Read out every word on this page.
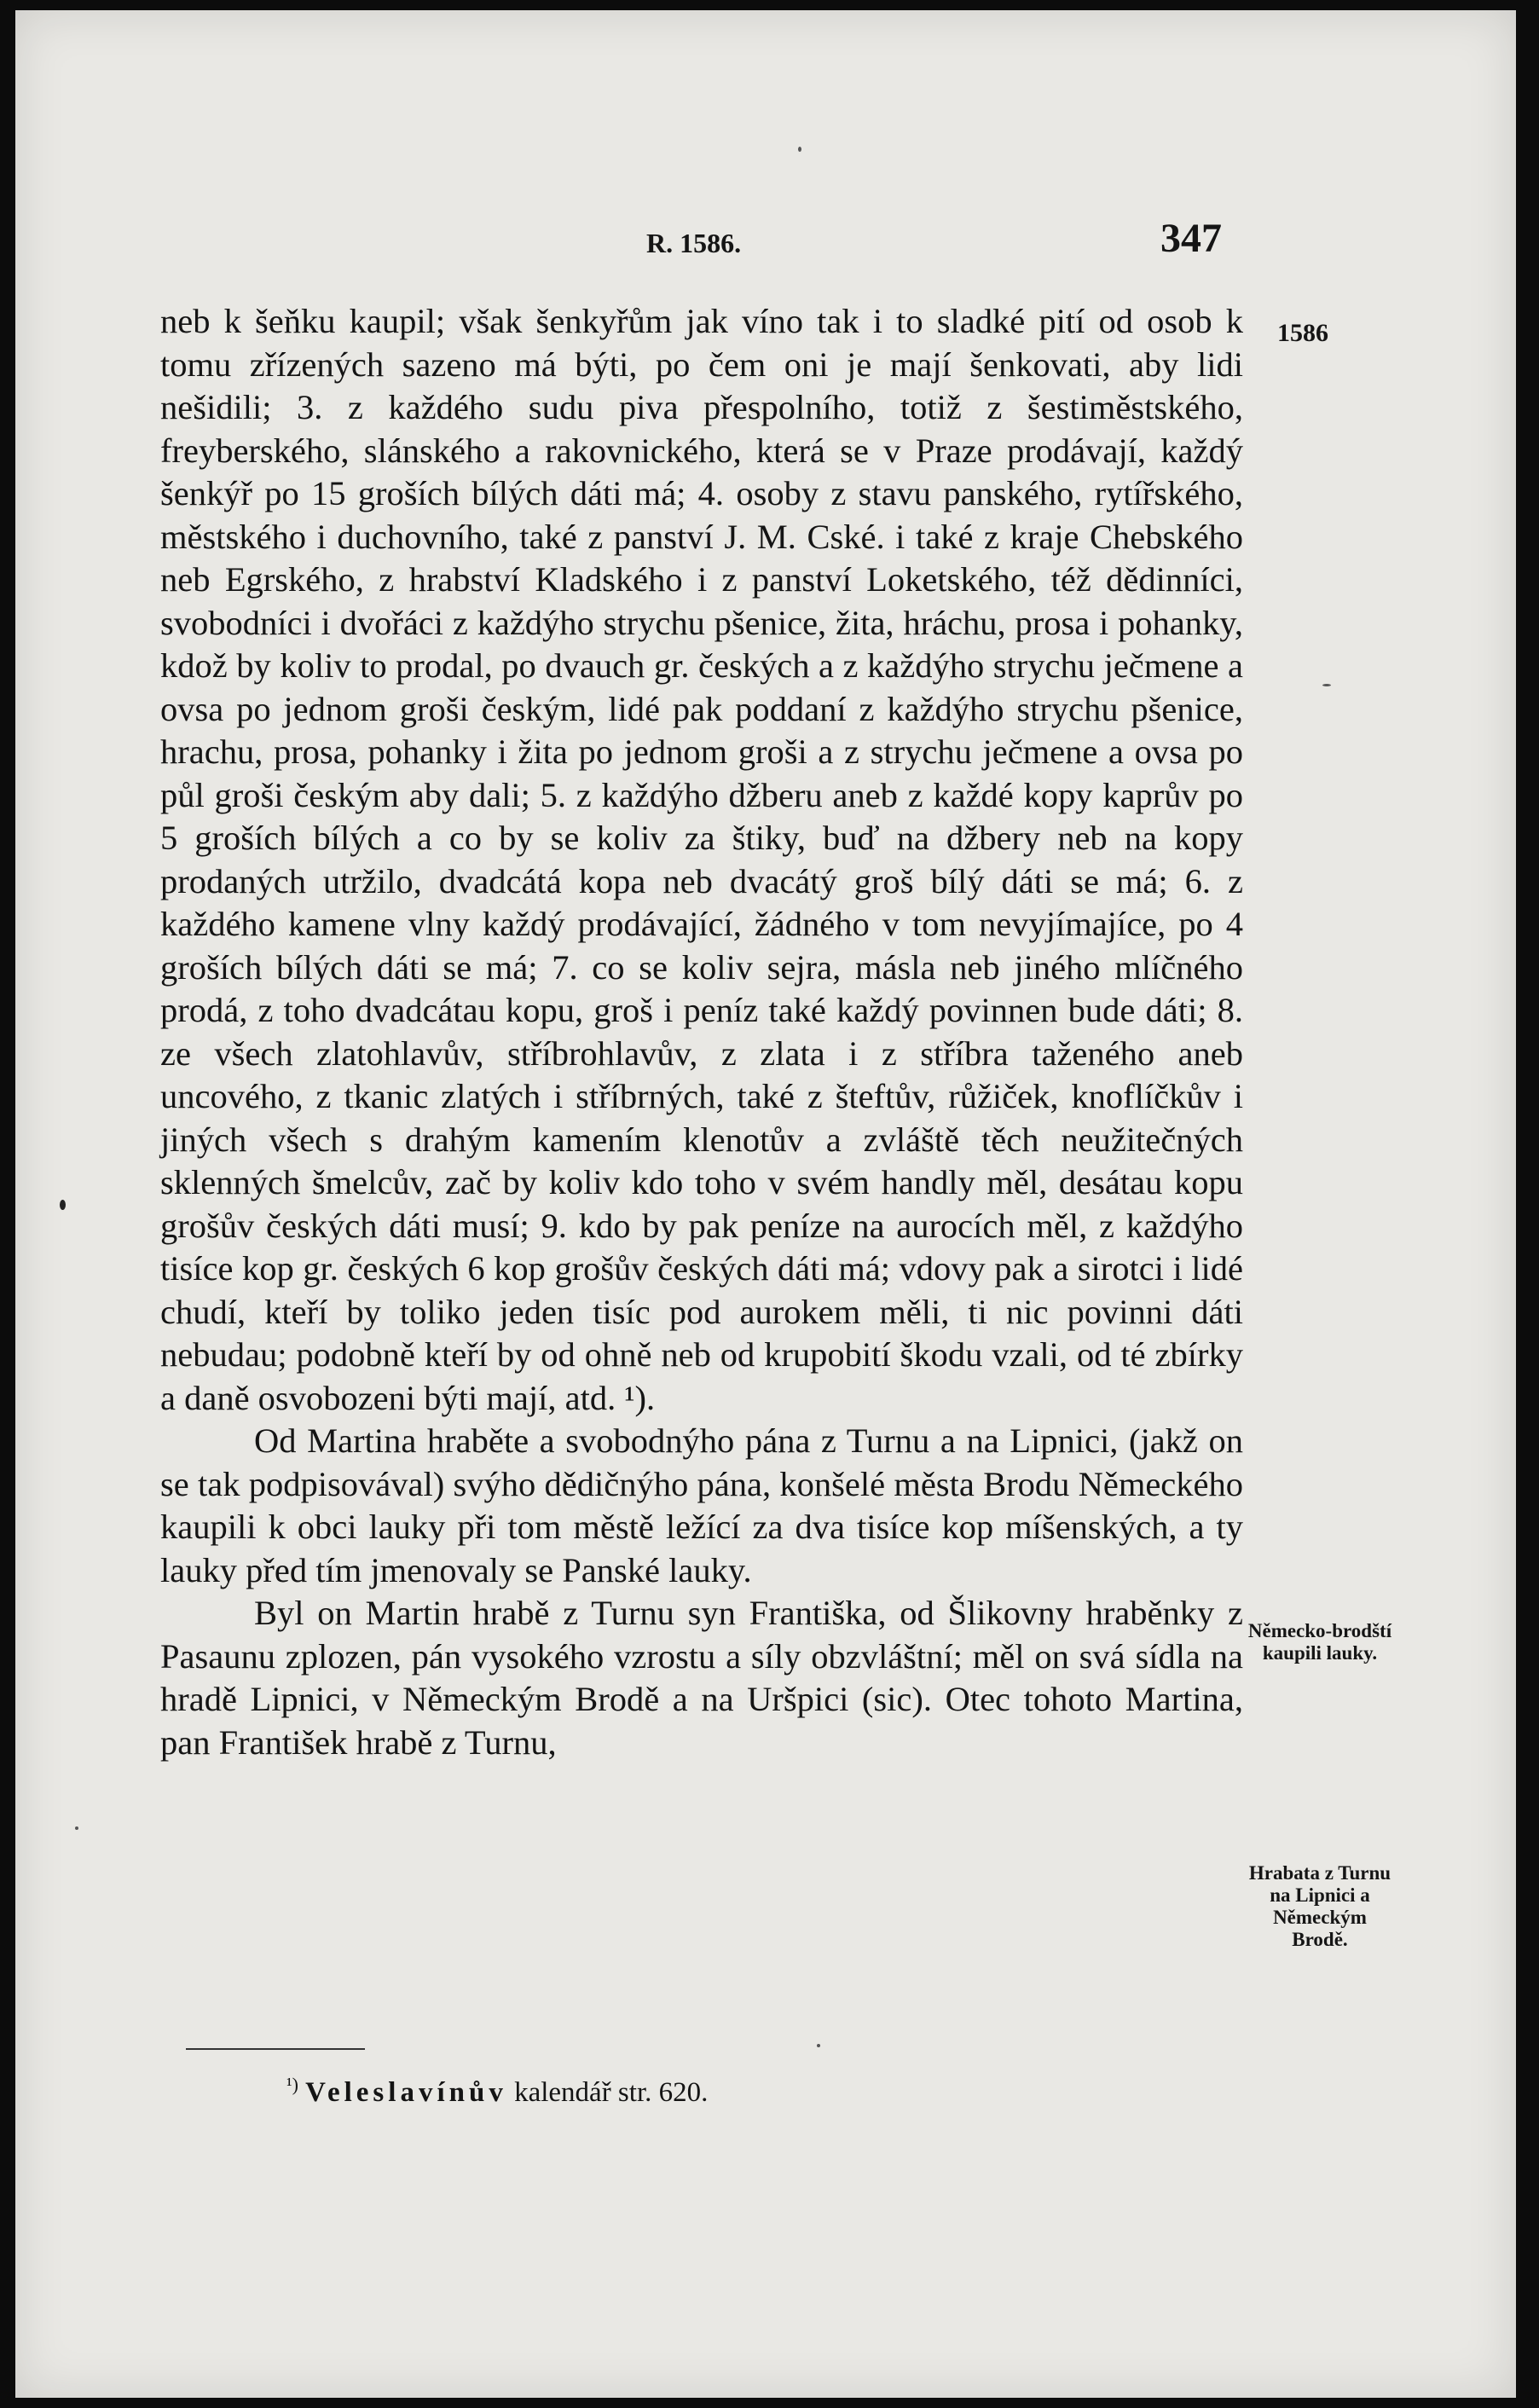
R. 1586.	347
1586
Německo-brodští kaupili lauky.
Hrabata z Turnu na Lipnici a Německým Brodě.

neb k šeňku kaupil; však šenkyřům jak víno tak i to sladké pití od osob k tomu zřízených sazeno má býti, po čem oni je mají šenkovati, aby lidi nešidili; 3. z každého sudu piva přespolního, totiž z šestiměstského, freyberského, slánského a rakovnického, která se v Praze prodávají, každý šenkýř po 15 groších bílých dáti má; 4. osoby z stavu panského, rytířského, městského i duchovního, také z panství J. M. Cské. i také z kraje Chebského neb Egrského, z hrabství Kladského i z panství Loketského, též dědinníci, svobodníci i dvořáci z každýho strychu pšenice, žita, hráchu, prosa i pohanky, kdož by koliv to prodal, po dvauch gr. českých a z každýho strychu ječmene a ovsa po jednom groši českým, lidé pak poddaní z každýho strychu pšenice, hrachu, prosa, pohanky i žita po jednom groši a z strychu ječmene a ovsa po půl groši českým aby dali; 5. z každýho džberu aneb z každé kopy kaprův po 5 groších bílých a co by se koliv za štiky, buď na džbery neb na kopy prodaných utržilo, dvadcátá kopa neb dvacátý groš bílý dáti se má; 6. z každého kamene vlny každý prodávající, žádného v tom nevyjímajíce, po 4 groších bílých dáti se má; 7. co se koliv sejra, másla neb jiného mlíčného prodá, z toho dvadcátau kopu, groš i peníz také každý povinnen bude dáti; 8. ze všech zlatohlavův, stříbrohlavův, z zlata i z stříbra taženého aneb uncového, z tkanic zlatých i stříbrných, také z šteftův, růžiček, knoflíčkův i jiných všech s drahým kamením klenotův a zvláště těch neužitečných sklenných šmelcův, zač by koliv kdo toho v svém handly měl, desátau kopu grošův českých dáti musí; 9. kdo by pak peníze na aurocích měl, z každýho tisíce kop gr. českých 6 kop grošův českých dáti má; vdovy pak a sirotci i lidé chudí, kteří by toliko jeden tisíc pod aurokem měli, ti nic povinni dáti nebudau; podobně kteří by od ohně neb od krupobití škodu vzali, od té zbírky a daně osvobozeni býti mají, atd. ¹).

Od Martina hraběte a svobodnýho pána z Turnu a na Lipnici, (jakž on se tak podpisovával) svýho dědičnýho pána, konšelé města Brodu Německého kaupili k obci lauky při tom městě ležící za dva tisíce kop míšenských, a ty lauky před tím jmenovaly se Panské lauky.

Byl on Martin hrabě z Turnu syn Františka, od Šlikovny hraběnky z Pasaunu zplozen, pán vysokého vzrostu a síly obzvláštní; měl on svá sídla na hradě Lipnici, v Německým Brodě a na Uršpici (sic). Otec tohoto Martina, pan František hrabě z Turnu,

$^{^1)}$ Veleslavínův kalendář str. 620.
